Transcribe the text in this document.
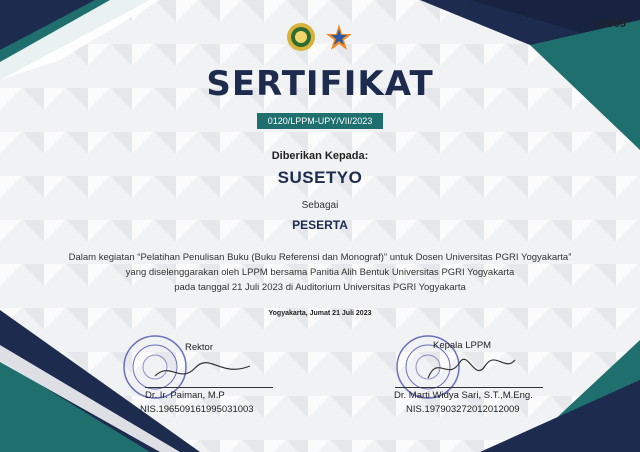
17005
SERTIFIKAT
0120/LPPM-UPY/VII/2023
Diberikan Kepada:
SUSETYO
Sebagai
PESERTA
Dalam kegiatan “Pelatihan Penulisan Buku (Buku Referensi dan Monograf)” untuk Dosen Universitas PGRI Yogyakarta”
yang diselenggarakan oleh LPPM bersama Panitia Alih Bentuk Universitas PGRI Yogyakarta
pada tanggal 21 Juli 2023 di Auditorium Universitas PGRI Yogyakarta
Yogyakarta, Jumat 21 Juli 2023
Rektor
Dr. Ir. Paiman, M.P
NIS.196509161995031003
Kepala LPPM
Dr. Marti Widya Sari, S.T.,M.Eng.
NIS.197903272012012009
